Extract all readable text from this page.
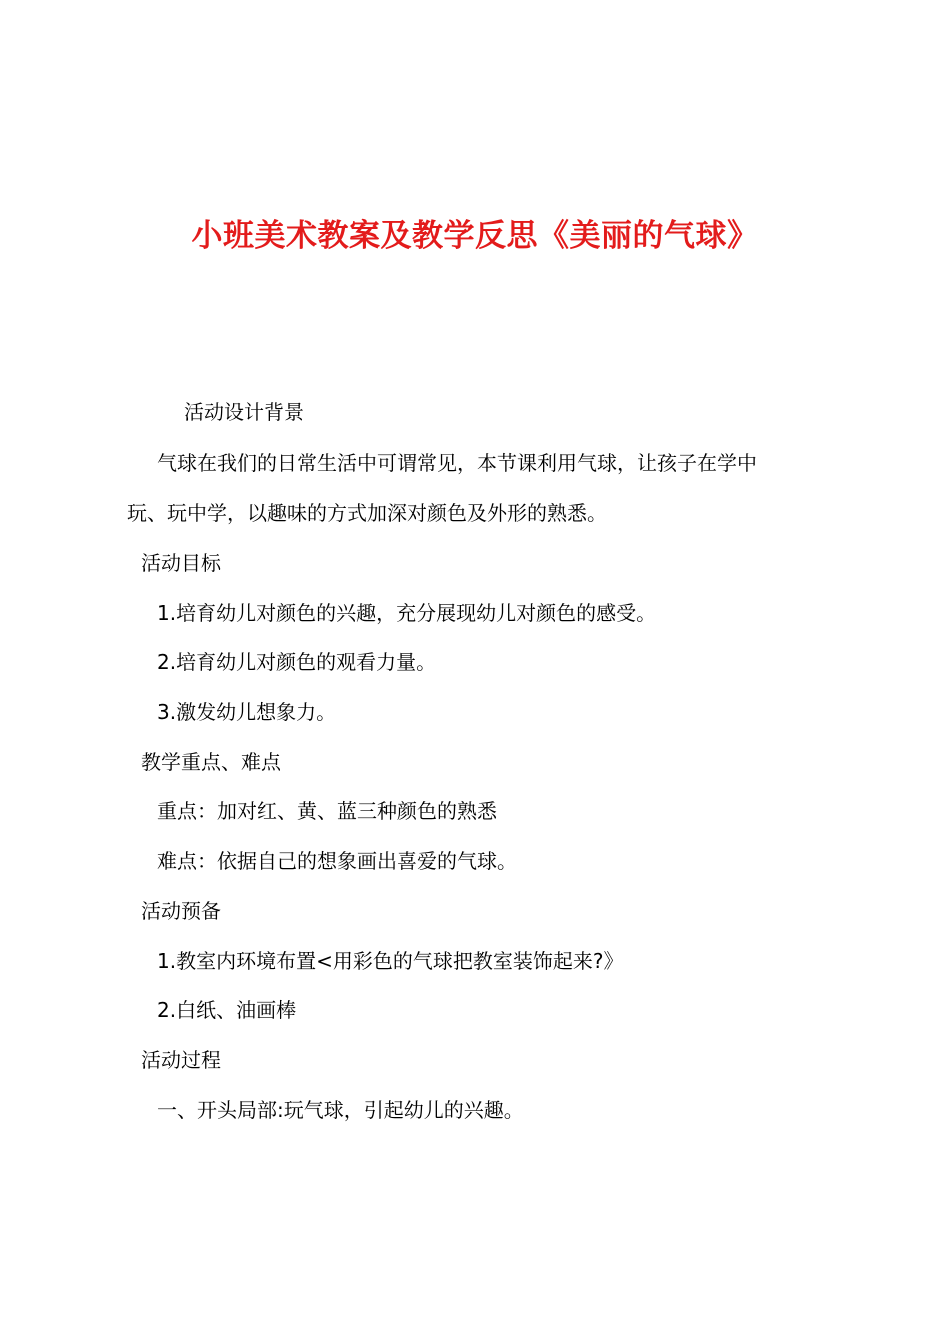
小班美术教案及教学反思《美丽的气球》

活动设计背景

气球在我们的日常生活中可谓常见，本节课利用气球，让孩子在学中

玩、玩中学，以趣味的方式加深对颜色及外形的熟悉。

活动目标

1.培育幼儿对颜色的兴趣，充分展现幼儿对颜色的感受。

2.培育幼儿对颜色的观看力量。

3.激发幼儿想象力。

教学重点、难点

重点：加对红、黄、蓝三种颜色的熟悉

难点：依据自己的想象画出喜爱的气球。

活动预备

1.教室内环境布置<用彩色的气球把教室装饰起来?》

2.白纸、油画棒

活动过程

一、开头局部:玩气球，引起幼儿的兴趣。
